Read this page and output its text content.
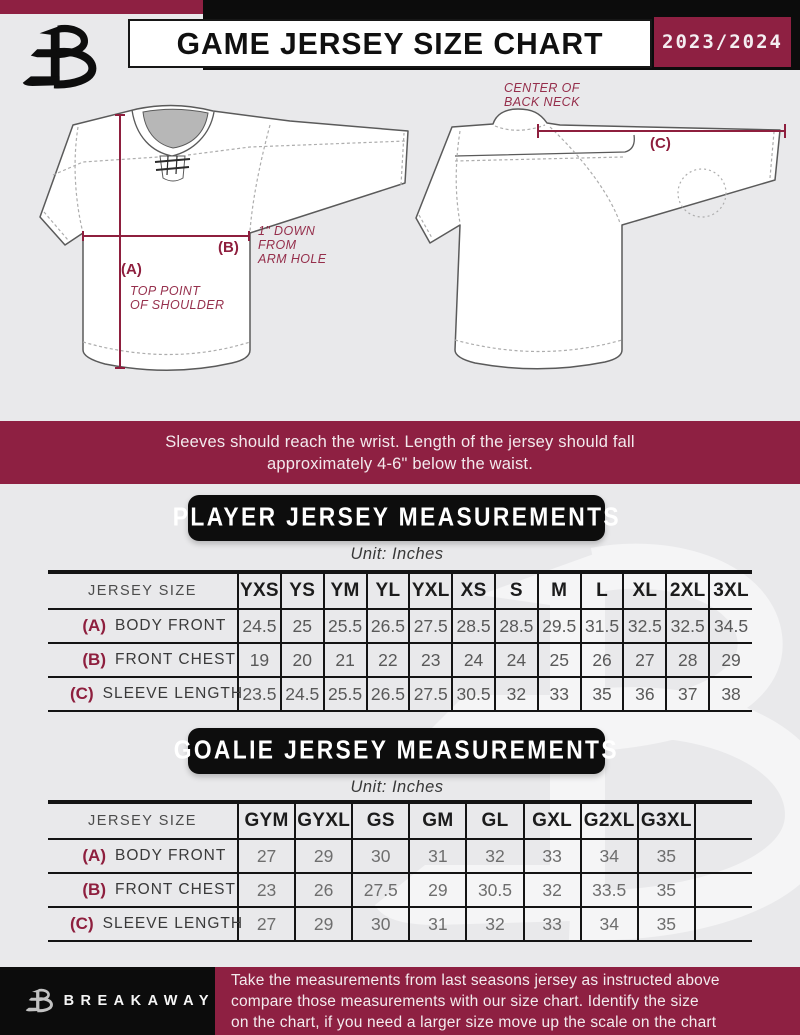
GAME JERSEY SIZE CHART	2023/2024
(B)
1" DOWN
FROM
ARM HOLE
(A)
TOP POINT
OF SHOULDER
CENTER OF
BACK NECK
(C)
Sleeves should reach the wrist. Length of the jersey should fall
approximately 4-6" below the waist.
PLAYER JERSEY MEASUREMENTS
Unit: Inches
JERSEY SIZE	YXS	YS	YM	YL	YXL	XS	S	M	L	XL	2XL	3XL

(A) BODY FRONT	24.5	25	25.5	26.5	27.5	28.5	28.5	29.5	31.5	32.5	32.5	34.5

(B) FRONT CHEST	19	20	21	22	23	24	24	25	26	27	28	29

(C) SLEEVE LENGTH	23.5	24.5	25.5	26.5	27.5	30.5	32	33	35	36	37	38
GOALIE JERSEY MEASUREMENTS
Unit: Inches
JERSEY SIZE	GYM	GYXL	GS	GM	GL	GXL	G2XL	G3XL	

(A) BODY FRONT	27	29	30	31	32	33	34	35	

(B) FRONT CHEST	23	26	27.5	29	30.5	32	33.5	35	

(C) SLEEVE LENGTH	27	29	30	31	32	33	34	35	
BREAKAWAY
Take the measurements from last seasons jersey as instructed above
compare those measurements with our size chart. Identify the size
on the chart, if you need a larger size move up the scale on the chart
